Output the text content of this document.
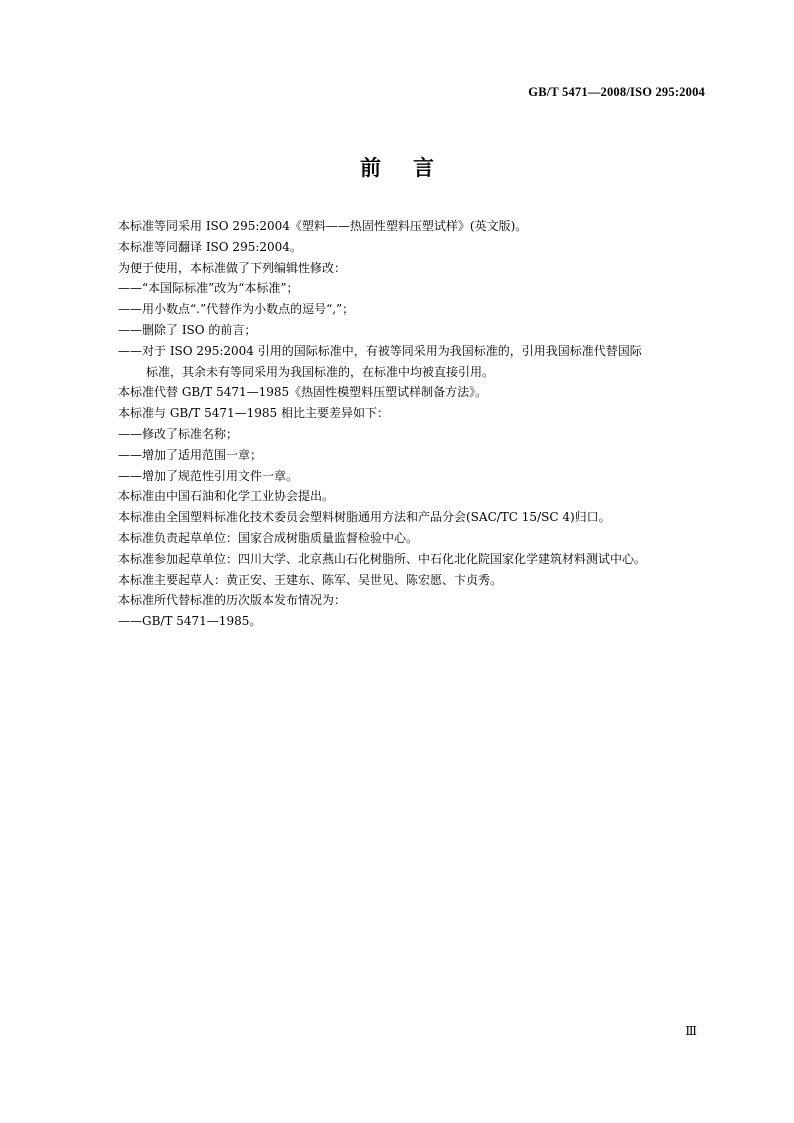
GB/T 5471—2008/ISO 295:2004
前言
本标准等同采用 ISO 295:2004《塑料——热固性塑料压塑试样》(英文版)。
本标准等同翻译 ISO 295:2004。
为便于使用，本标准做了下列编辑性修改：
——“本国际标准”改为“本标准”；
——用小数点“.”代替作为小数点的逗号“,”；
——删除了 ISO 的前言；
——对于 ISO 295:2004 引用的国际标准中，有被等同采用为我国标准的，引用我国标准代替国际
标准，其余未有等同采用为我国标准的，在标准中均被直接引用。
本标准代替 GB/T 5471—1985《热固性模塑料压塑试样制备方法》。
本标准与 GB/T 5471—1985 相比主要差异如下：
——修改了标准名称；
——增加了适用范围一章；
——增加了规范性引用文件一章。
本标准由中国石油和化学工业协会提出。
本标准由全国塑料标准化技术委员会塑料树脂通用方法和产品分会(SAC/TC 15/SC 4)归口。
本标准负责起草单位：国家合成树脂质量监督检验中心。
本标准参加起草单位：四川大学、北京燕山石化树脂所、中石化北化院国家化学建筑材料测试中心。
本标准主要起草人：黄正安、王建东、陈军、吴世见、陈宏愿、卞贞秀。
本标准所代替标准的历次版本发布情况为：
——GB/T 5471—1985。
Ⅲ
